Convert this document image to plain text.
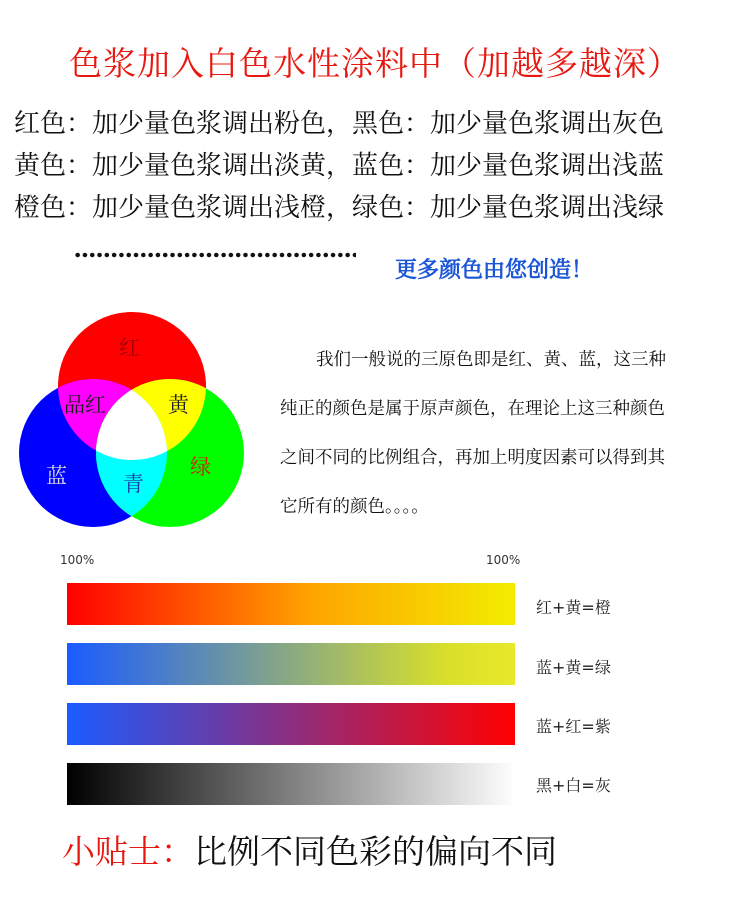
色浆加入白色水性涂料中（加越多越深）
红色：加少量色浆调出粉色，黑色：加少量色浆调出灰色
黄色：加少量色浆调出淡黄，蓝色：加少量色浆调出浅蓝
橙色：加少量色浆调出浅橙，绿色：加少量色浆调出浅绿
更多颜色由您创造！
红
品红	黄
蓝	青
绿
我们一般说的三原色即是红、黄、蓝，这三种
纯正的颜色是属于原声颜色，在理论上这三种颜色
之间不同的比例组合，再加上明度因素可以得到其
它所有的颜色。。。。
100%	100%
红+黄=橙
蓝+黄=绿
蓝+红=紫
黑+白=灰
小贴士：比例不同色彩的偏向不同
